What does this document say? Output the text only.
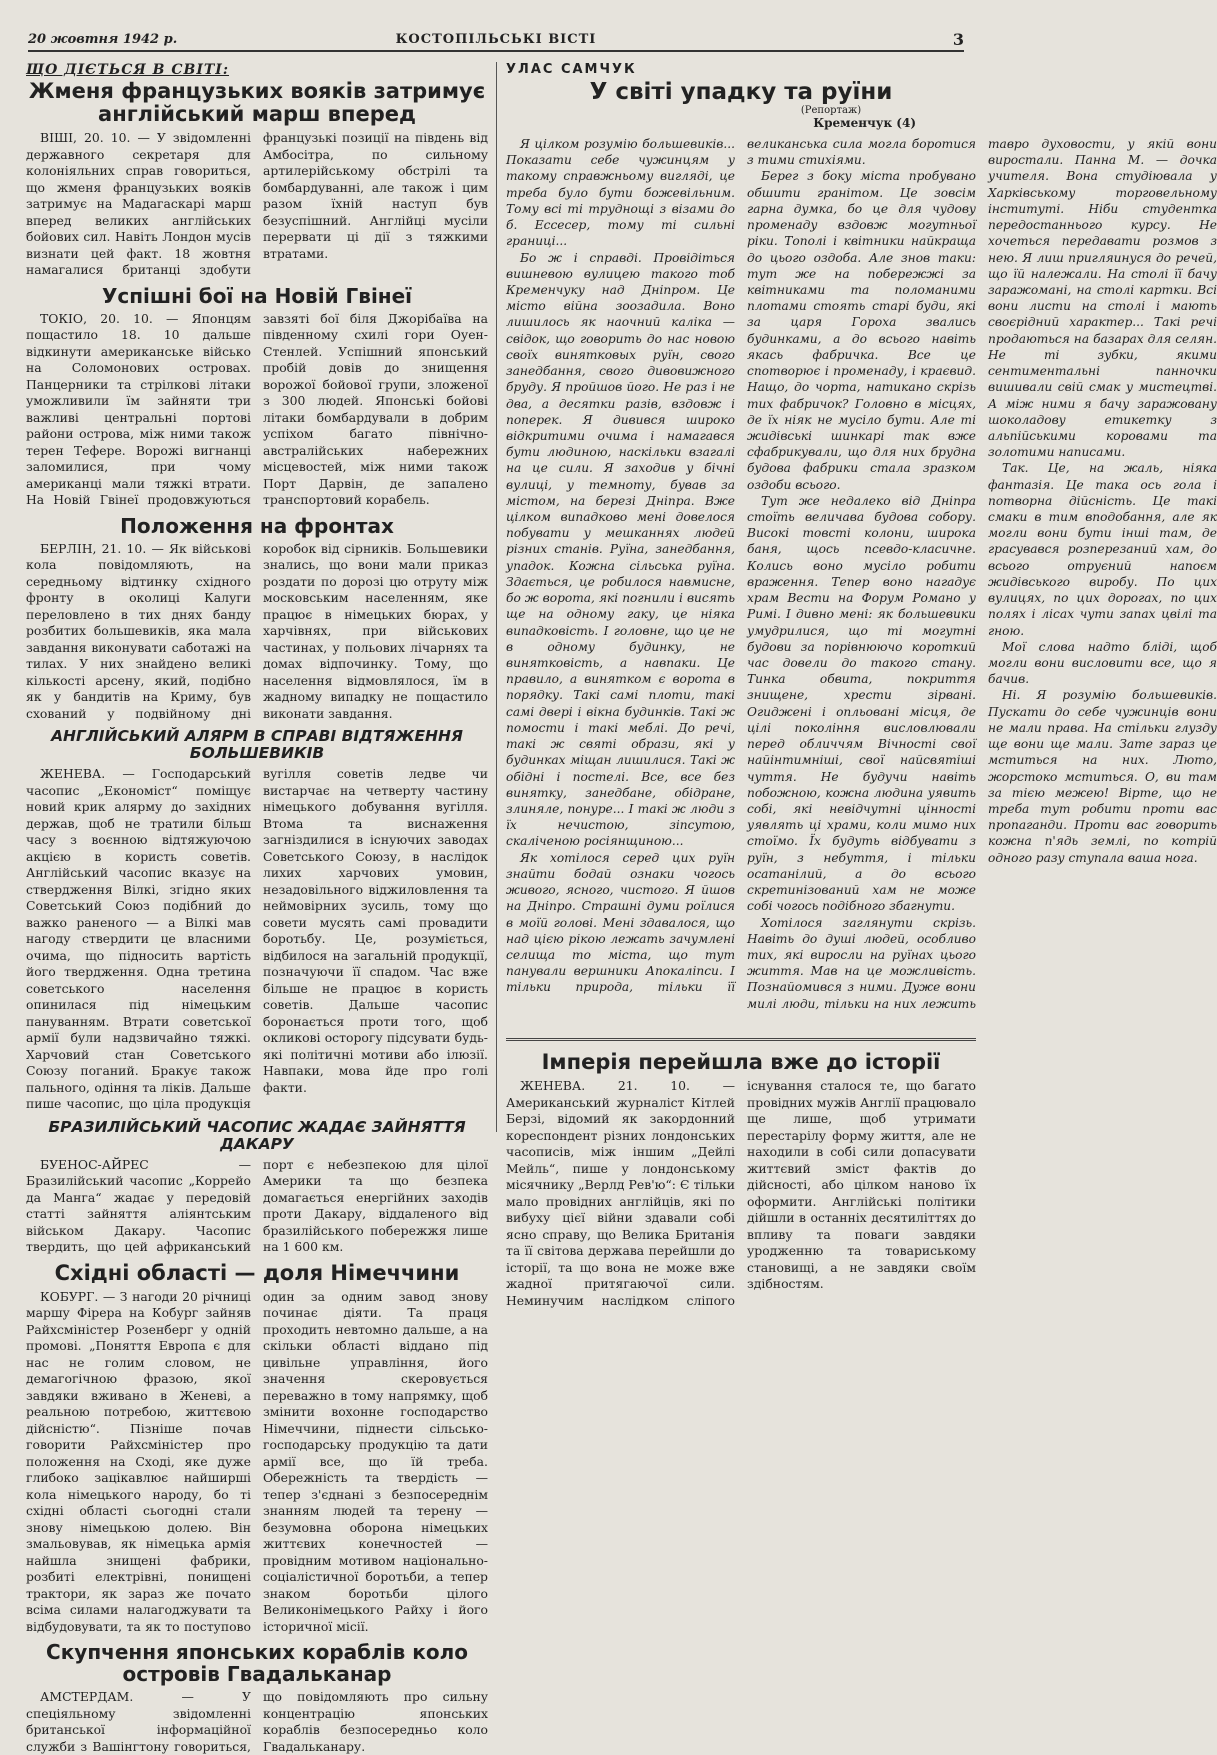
20 жовтня 1942 р.	КОСТОПІЛЬСЬКІ ВІСТІ	3
ЩО ДІЄТЬСЯ В СВІТІ:
Жменя французьких вояків затримує англійський марш вперед

ВІШІ, 20. 10. — У звідомленні державного секретаря для колоніяльних справ говориться, що жменя французьких вояків затримує на Мадагаскарі марш вперед великих англійських бойових сил. Навіть Лондон мусів визнати цей факт. 18 жовтня намагалися британці здобути французькі позиції на південь від Амбосітра, по сильному артилерійському обстрілі та бомбардуванні, але також і цим разом їхній наступ був безуспішний. Англійці мусіли перервати ці дії з тяжкими втратами.

Успішні бої на Новій Гвінеї

ТОКІО, 20. 10. — Японцям пощастило 18. 10 дальше відкинути американське військо на Соломонових островах. Панцерники та стрілкові літаки уможливили їм зайняти три важливі центральні портові райони острова, між ними також терен Тефере. Ворожі вигнанці заломилися, при чому американці мали тяжкі втрати. На Новій Гвінеї продовжуються завзяті бої біля Джорібаїва на південному схилі гори Оуен-Стенлей. Успішний японський пробій довів до знищення ворожої бойової групи, зложеної з 300 людей. Японські бойові літаки бомбардували в добрим успіхом багато північно-австралійських набережних місцевостей, між ними також Порт Дарвін, де запалено транспортовий корабель.

Положення на фронтах

БЕРЛІН, 21. 10. — Як військові кола повідомляють, на середньому відтинку східного фронту в околиці Калуги переловлено в тих днях банду розбитих большевиків, яка мала завдання виконувати саботажі на тилах. У них знайдено великі кількості арсену, який, подібно як у бандитів на Криму, був схований у подвійному дні коробок від сірників. Большевики знались, що вони мали приказ роздати по дорозі цю отруту між московським населенням, яке працює в німецьких бюрах, у харчівнях, при військових частинах, у польових лічарнях та домах відпочинку. Тому, що населення відмовлялося, їм в жадному випадку не пощастило виконати завдання.

АНГЛІЙСЬКИЙ АЛЯРМ В СПРАВІ ВІДТЯЖЕННЯ БОЛЬШЕВИКІВ

ЖЕНЕВА. — Господарський часопис „Економіст“ поміщує новий крик алярму до західних держав, щоб не тратили більш часу з воєнною відтяжуючою акцією в користь советів. Англійський часопис вказує на ствердження Вілкі, згідно яких Советський Союз подібний до важко раненого — а Вілкі мав нагоду ствердити це власними очима, що підносить вартість його твердження. Одна третина советського населення опинилася під німецьким пануванням. Втрати советської армії були надзвичайно тяжкі. Харчовий стан Советського Союзу поганий. Бракує також пального, одіння та ліків. Дальше пише часопис, що ціла продукція вугілля советів ледве чи вистарчає на четверту частину німецького добування вугілля. Втома та виснаження загніздилися в існуючих заводах Советського Союзу, в наслідок лихих харчових умовин, незадовільного віджиловлення та неймовірних зусиль, тому що совети мусять самі провадити боротьбу. Це, розуміється, відбилося на загальній продукції, позначуючи її спадом. Час вже більше не працює в користь советів. Дальше часопис боронається проти того, щоб окликові осторогу підсувати будь-які політичні мотиви або ілюзії. Навпаки, мова йде про голі факти.

БРАЗИЛІЙСЬКИЙ ЧАСОПИС ЖАДАЄ ЗАЙНЯТТЯ ДАКАРУ

БУЕНОС-АЙРЕС — Бразилійський часопис „Коррейо да Манга“ жадає у передовій статті зайняття аліянтським військом Дакару. Часопис твердить, що цей африканський порт є небезпекою для цілої Америки та що безпека домагається енергійних заходів проти Дакару, віддаленого від бразилійського побережжя лише на 1 600 км.

Східні області — доля Німеччини

КОБУРГ. — З нагоди 20 річниці маршу Фірера на Кобург зайняв Райхсміністер Розенберг у одній промові. „Поняття Европа є для нас не голим словом, не демагогічною фразою, якої завдяки вживано в Женеві, а реальною потребою, життєвою дійсністю“. Пізніше почав говорити Райхсміністер про положення на Сході, яке дуже глибоко зацікавлює найширші кола німецького народу, бо ті східні області сьогодні стали знову німецькою долею. Він змальовував, як німецька армія найшла знищені фабрики, розбиті електрівні, понищені трактори, як зараз же почато всіма силами налагоджувати та відбудовувати, та як то поступово один за одним завод знову починає діяти. Та праця проходить невтомно дальше, а на скільки області віддано під цивільне управління, його значення скеровується переважно в тому напрямку, щоб змінити вохонне господарство Німеччини, піднести сільсько-господарську продукцію та дати армії все, що їй треба. Обережність та твердість — тепер з'єднані з безпосереднім знанням людей та терену — безумовна оборона німецьких життєвих конечностей — провідним мотивом національно-соціалістичної боротьби, а тепер знаком боротьби цілого Великонімецького Райху і його історичної місії.

Скупчення японських кораблів коло островів Гвадальканар

АМСТЕРДАМ. — У спеціяльному звідомленні британської інформаційної служби з Вашінгтону говориться, що повідомляють про сильну концентрацію японських кораблів безпосередньо коло Гвадальканару.

УЛАС САМЧУК
У світі упадку та руїни
(Репортаж)
Кременчук (4)

Я цілком розумію большевиків... Показати себе чужинцям у такому справжньому вигляді, це треба було бути божевільним. Тому всі ті труднощі з візами до б. Ессесер, тому ті сильні границі...

Бо ж і справді. Провідіться вишневою вулицею такого тоб Кременчуку над Дніпром. Це місто війна зоозадила. Воно лишилось як наочний каліка — свідок, що говорить до нас новою своїх винятковых руїн, свого занедбання, свого дивовижного бруду. Я пройшов його. Не раз і не два, а десятки разів, вздовж і поперек. Я дивився широко відкритими очима і намагався бути людиною, наскільки взагалі на це сили. Я заходив у бічні вулиці, у темноту, бував за містом, на березі Дніпра. Вже цілком випадково мені довелося побувати у мешканнях людей різних станів. Руїна, занедбання, упадок. Кожна сільська руїна. Здається, це робилося навмисне, бо ж ворота, які погнили і висять ще на одному гаку, це ніяка випадковість. І головне, що це не в одному будинку, не винятковість, а навпаки. Це правило, а винятком є ворота в порядку. Такі самі плоти, такі самі двері і вікна будинків. Такі ж помости і такі меблі. До речі, такі ж святі образи, які у будинках міщан лишилися. Такі ж обідні і постелі. Все, все без винятку, занедбане, обідране, злиняле, понуре... І такі ж люди з їх нечистою, зіпсутою, скаліченою росіянщиною...

Як хотілося серед цих руїн знайти бодай ознаки чогось живого, ясного, чистого. Я йшов на Дніпро. Страшні думи роїлися в моїй голові. Мені здавалося, що над цією рікою лежать зачумлені селища то міста, що тут панували вершники Апокаліпси. І тільки природа, тільки її великанська сила могла боротися з тими стихіями.

Берег з боку міста пробувано обшити гранітом. Це зовсім гарна думка, бо це для чудову променаду вздовж могутньої ріки. Тополі і квітники найкраща до цього оздоба. Але знов таки: тут же на побережжі за квітниками та поломаними плотами стоять старі буди, які за царя Гороха звались будинками, а до всього навіть якась фабричка. Все це спотворює і променаду, і краєвид. Нащо, до чорта, натикано скрізь тих фабричок? Головно в місцях, де їх ніяк не мусіло бути. Але ті жидівські шинкарі так вже сфабрикували, що для них брудна будова фабрики стала зразком оздоби всього.

Тут же недалеко від Дніпра стоїть величава будова собору. Високі товсті колони, широка баня, щось псевдо-класичне. Колись воно мусіло робити враження. Тепер воно нагадує храм Вести на Форум Романо у Римі. І дивно мені: як большевики умудрилися, що ті могутні будови за порівнюючо короткий час довели до такого стану. Тинка обвита, покриття знищене, хрести зірвані. Огиджені і опльовані місця, де цілі покоління висловлювали перед обличчям Вічності свої найінтимніші, свої найсвятіші чуття. Не будучи навіть побожною, кожна людина уявить собі, які невідчутні цінності уявлять ці храми, коли мимо них стоїмо. Їх будуть відбувати з руїн, з небуття, і тільки осатанілий, а до всього скретинізований хам не може собі чогось подібного збагнути.

Хотілося заглянути скрізь. Навіть до душі людей, особливо тих, які виросли на руїнах цього життя. Мав на це можливість. Познайомився з ними. Дуже вони милі люди, тільки на них лежить тавро духовости, у якій вони виростали. Панна М. — дочка учителя. Вона студіювала у Харківському торговельному інституті. Ніби студентка передостаннього курсу. Не хочеться передавати розмов з нею. Я лиш пригляинуся до речей, що їй належали. На столі її бачу заражомані, на столі картки. Всі вони листи на столі і мають своєрідний характер... Такі речі продаються на базарах для селян. Не ті зубки, якими сентиментальні панночки вишивали свій смак у мистецтві. А між ними я бачу заражовану шоколадову етикетку з альпійськими коровами та золотими написами.

Так. Це, на жаль, ніяка фантазія. Це така ось гола і потворна дійсність. Це такі смаки в тим вподобання, але як могли вони бути інші там, де грасувався розперезаний хам, до всього отруєний напоєм жидівського виробу. По цих вулицях, по цих дорогах, по цих полях і лісах чути запах цвілі та гною.

Мої слова надто бліді, щоб могли вони висловити все, що я бачив.

Ні. Я розумію большевиків. Пускати до себе чужинців вони не мали права. На стільки глузду ще вони ще мали. Зате зараз це мститься на них. Люто, жорстоко мститься. О, ви там за тією межею! Вірте, що не треба тут робити проти вас пропаганди. Проти вас говорить кожна п'ядь землі, по котрій одного разу ступала ваша нога.

Імперія перейшла вже до історії

ЖЕНЕВА. 21. 10. — Американський журналіст Кітлей Берзі, відомий як закордонний кореспондент різних лондонських часописів, між іншим „Дейлі Мейль“, пише у лондонському місячнику „Верлд Рев'ю“: Є тільки мало провідних англійців, які по вибуху цієї війни здавали собі ясно справу, що Велика Британія та її світова держава перейшли до історії, та що вона не може вже жадної притягаючої сили. Неминучим наслідком сліпого існування сталося те, що багато провідних мужів Англії працювало ще лише, щоб утримати перестарілу форму життя, але не находили в собі сили допасувати життєвий зміст фактів до дійсності, або цілком наново їх оформити. Англійські політики дійшли в останніх десятиліттях до впливу та поваги завдяки уродженню та товариському становищі, а не завдяки своїм здібностям.
